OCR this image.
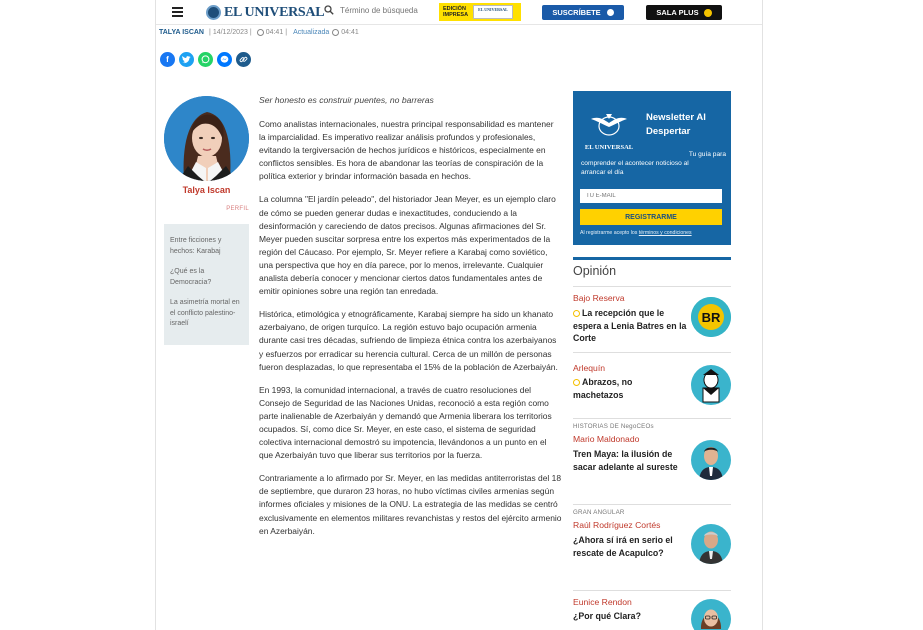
EL UNIVERSAL
Término de búsqueda	EDICIÓN IMPRESA
EL UNIVERSAL	SUSCRÍBETE	SALA PLUS
TALYA ISCAN | 14/12/2023 | 04:41 | Actualizada 04:41
f
Talya Iscan
PERFIL
Entre ficciones y hechos: Karabaj
¿Qué es la Democracia?
La asimetría mortal en el conflicto palestino-israelí
Ser honesto es construir puentes, no barreras

Como analistas internacionales, nuestra principal responsabilidad es mantener la imparcialidad. Es imperativo realizar análisis profundos y profesionales, evitando la tergiversación de hechos jurídicos e históricos, especialmente en conflictos sensibles. Es hora de abandonar las teorías de conspiración de la política exterior y brindar información basada en hechos.

La columna "El jardín peleado", del historiador Jean Meyer, es un ejemplo claro de cómo se pueden generar dudas e inexactitudes, conduciendo a la desinformación y careciendo de datos precisos. Algunas afirmaciones del Sr. Meyer pueden suscitar sorpresa entre los expertos más experimentados de la región del Cáucaso. Por ejemplo, Sr. Meyer refiere a Karabaj como soviético, una perspectiva que hoy en día parece, por lo menos, irrelevante. Cualquier analista debería conocer y mencionar ciertos datos fundamentales antes de emitir opiniones sobre una región tan enredada.

Histórica, etimológica y etnográficamente, Karabaj siempre ha sido un khanato azerbaiyano, de origen turquíco. La región estuvo bajo ocupación armenia durante casi tres décadas, sufriendo de limpieza étnica contra los azerbaiyanos y esfuerzos por erradicar su herencia cultural. Cerca de un millón de personas fueron desplazadas, lo que representaba el 15% de la población de Azerbaiyán.

En 1993, la comunidad internacional, a través de cuatro resoluciones del Consejo de Seguridad de las Naciones Unidas, reconoció a esta región como parte inalienable de Azerbaiyán y demandó que Armenia liberara los territorios ocupados. Sí, como dice Sr. Meyer, en este caso, el sistema de seguridad colectiva internacional demostró su impotencia, llevándonos a un punto en el que Azerbaiyán tuvo que liberar sus territorios por la fuerza.

Contrariamente a lo afirmado por Sr. Meyer, en las medidas antiterroristas del 18 de septiembre, que duraron 23 horas, no hubo víctimas civiles armenias según informes oficiales y misiones de la ONU. La estrategia de las medidas se centró exclusivamente en elementos militares revanchistas y restos del ejército armenio en Azerbaiyán.

EL UNIVERSAL
Newsletter Al Despertar
Tu guía para
comprender el acontecer noticioso al
arrancar el día
TU E-MAIL
REGISTRARME
Al registrarme acepto los términos y condiciones
Opinión
Bajo Reserva
La recepción que le espera a Lenia Batres en la Corte
BR
Arlequín
Abrazos, no machetazos
HISTORIAS DE NegoCEOs
Mario Maldonado
Tren Maya: la ilusión de sacar adelante al sureste
GRAN ANGULAR
Raúl Rodríguez Cortés
¿Ahora sí irá en serio el rescate de Acapulco?
Eunice Rendon
¿Por qué Clara?
